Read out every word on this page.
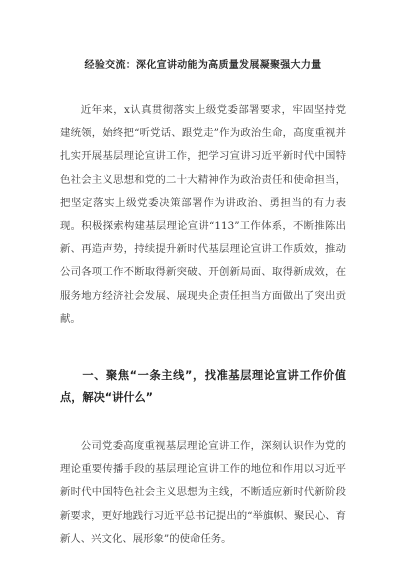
经验交流：深化宣讲动能为高质量发展凝聚强大力量

近年来，x认真贯彻落实上级党委部署要求，牢固坚持党建统领，始终把“听党话、跟党走”作为政治生命，高度重视并扎实开展基层理论宣讲工作，把学习宣讲习近平新时代中国特色社会主义思想和党的二十大精神作为政治责任和使命担当，把坚定落实上级党委决策部署作为讲政治、勇担当的有力表现。积极探索构建基层理论宣讲“113”工作体系，不断推陈出新、再造声势，持续提升新时代基层理论宣讲工作质效，推动公司各项工作不断取得新突破、开创新局面、取得新成效，在服务地方经济社会发展、展现央企责任担当方面做出了突出贡献。

一、聚焦“一条主线”，找准基层理论宣讲工作价值点，解决“讲什么”

公司党委高度重视基层理论宣讲工作，深刻认识作为党的理论重要传播手段的基层理论宣讲工作的地位和作用以习近平新时代中国特色社会主义思想为主线，不断适应新时代新阶段新要求，更好地践行习近平总书记提出的“举旗帜、聚民心、育新人、兴文化、展形象”的使命任务。
